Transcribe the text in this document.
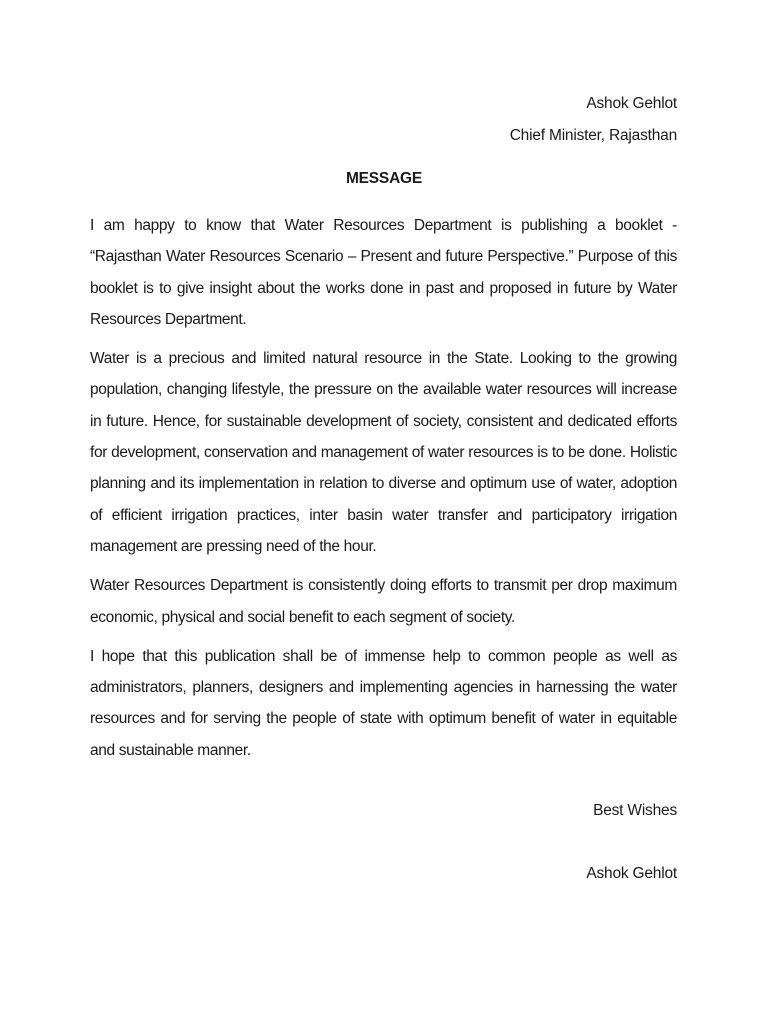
Ashok Gehlot
Chief Minister, Rajasthan
MESSAGE

I am happy to know that Water Resources Department is publishing a booklet - “Rajasthan Water Resources Scenario – Present and future Perspective.” Purpose of this booklet is to give insight about the works done in past and proposed in future by Water Resources Department.

Water is a precious and limited natural resource in the State. Looking to the growing population, changing lifestyle, the pressure on the available water resources will increase in future. Hence, for sustainable development of society, consistent and dedicated efforts for development, conservation and management of water resources is to be done. Holistic planning and its implementation in relation to diverse and optimum use of water, adoption of efficient irrigation practices, inter basin water transfer and participatory irrigation management are pressing need of the hour.

Water Resources Department is consistently doing efforts to transmit per drop maximum economic, physical and social benefit to each segment of society.

I hope that this publication shall be of immense help to common people as well as administrators, planners, designers and implementing agencies in harnessing the water resources and for serving the people of state with optimum benefit of water in equitable and sustainable manner.

Best Wishes
Ashok Gehlot
